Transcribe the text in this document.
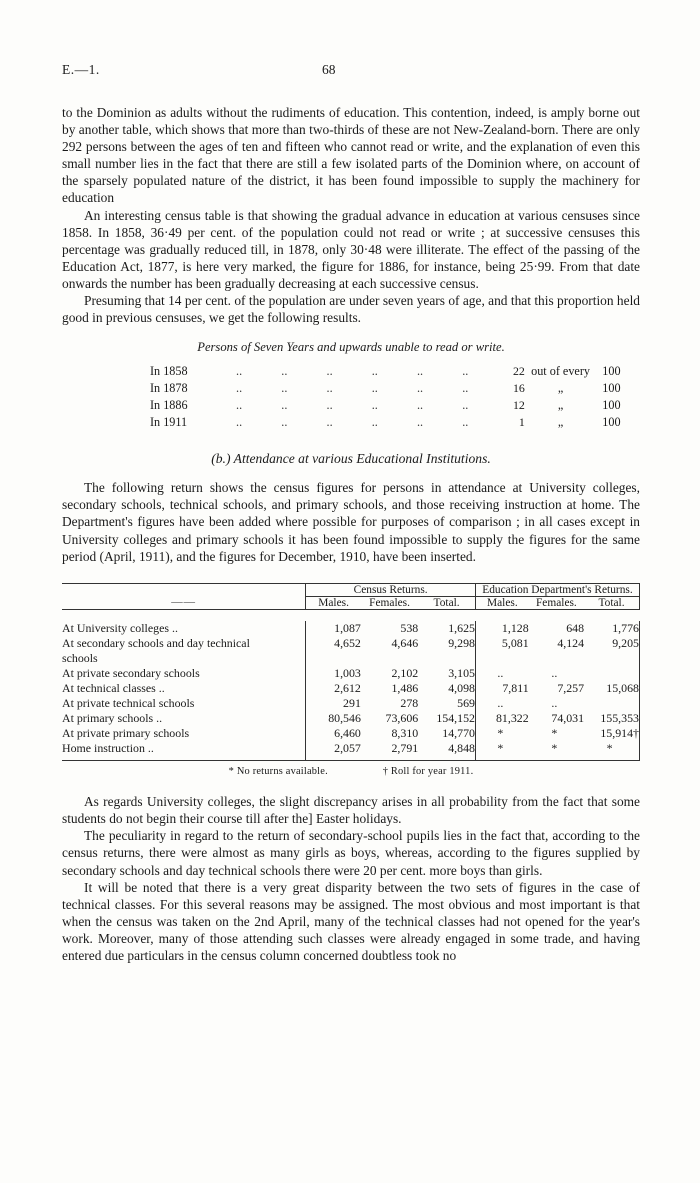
E.—1.	68

to the Dominion as adults without the rudiments of education. This contention, indeed, is amply borne out by another table, which shows that more than two-thirds of these are not New-Zealand-born. There are only 292 persons between the ages of ten and fifteen who cannot read or write, and the explanation of even this small number lies in the fact that there are still a few isolated parts of the Dominion where, on account of the sparsely populated nature of the district, it has been found impossible to supply the machinery for education

An interesting census table is that showing the gradual advance in education at various censuses since 1858. In 1858, 36·49 per cent. of the population could not read or write ; at successive censuses this percentage was gradually reduced till, in 1878, only 30·48 were illiterate. The effect of the passing of the Education Act, 1877, is here very marked, the figure for 1886, for instance, being 25·99. From that date onwards the number has been gradually decreasing at each successive census.

Presuming that 14 per cent. of the population are under seven years of age, and that this proportion held good in previous censuses, we get the following results.

Persons of Seven Years and upwards unable to read or write.
In 1858	..	..	..	..	..	..	22	out of every	100
In 1878	..	..	..	..	..	..	16	„	100
In 1886	..	..	..	..	..	..	12	„	100
In 1911	..	..	..	..	..	..	1	„	100
(b.) Attendance at various Educational Institutions.

The following return shows the census figures for persons in attendance at University colleges, secondary schools, technical schools, and primary schools, and those receiving instruction at home. The Department's figures have been added where possible for purposes of comparison ; in all cases except in University colleges and primary schools it has been found impossible to supply the figures for the same period (April, 1911), and the figures for December, 1910, have been inserted.

	Census Returns.			Education Department's Returns.		
——	Males.	Females.	Total.	Males.	Females.	Total.

At University colleges ..	1,087	538	1,625	1,128	648	1,776
At secondary schools and day technical	4,652	4,646	9,298	5,081	4,124	9,205
schools						
At private secondary schools	1,003	2,102	3,105	..	..	
At technical classes ..	2,612	1,486	4,098	7,811	7,257	15,068
At private technical schools	291	278	569	..	..	
At primary schools ..	80,546	73,606	154,152	81,322	74,031	155,353
At private primary schools	6,460	8,310	14,770	*	*	15,914†
Home instruction ..	2,057	2,791	4,848	*	*	*

* No returns available.	† Roll for year 1911.

As regards University colleges, the slight discrepancy arises in all probability from the fact that some students do not begin their course till after the] Easter holidays.

The peculiarity in regard to the return of secondary-school pupils lies in the fact that, according to the census returns, there were almost as many girls as boys, whereas, according to the figures supplied by secondary schools and day technical schools there were 20 per cent. more boys than girls.

It will be noted that there is a very great disparity between the two sets of figures in the case of technical classes. For this several reasons may be assigned. The most obvious and most important is that when the census was taken on the 2nd April, many of the technical classes had not opened for the year's work. Moreover, many of those attending such classes were already engaged in some trade, and having entered due particulars in the census column concerned doubtless took no
